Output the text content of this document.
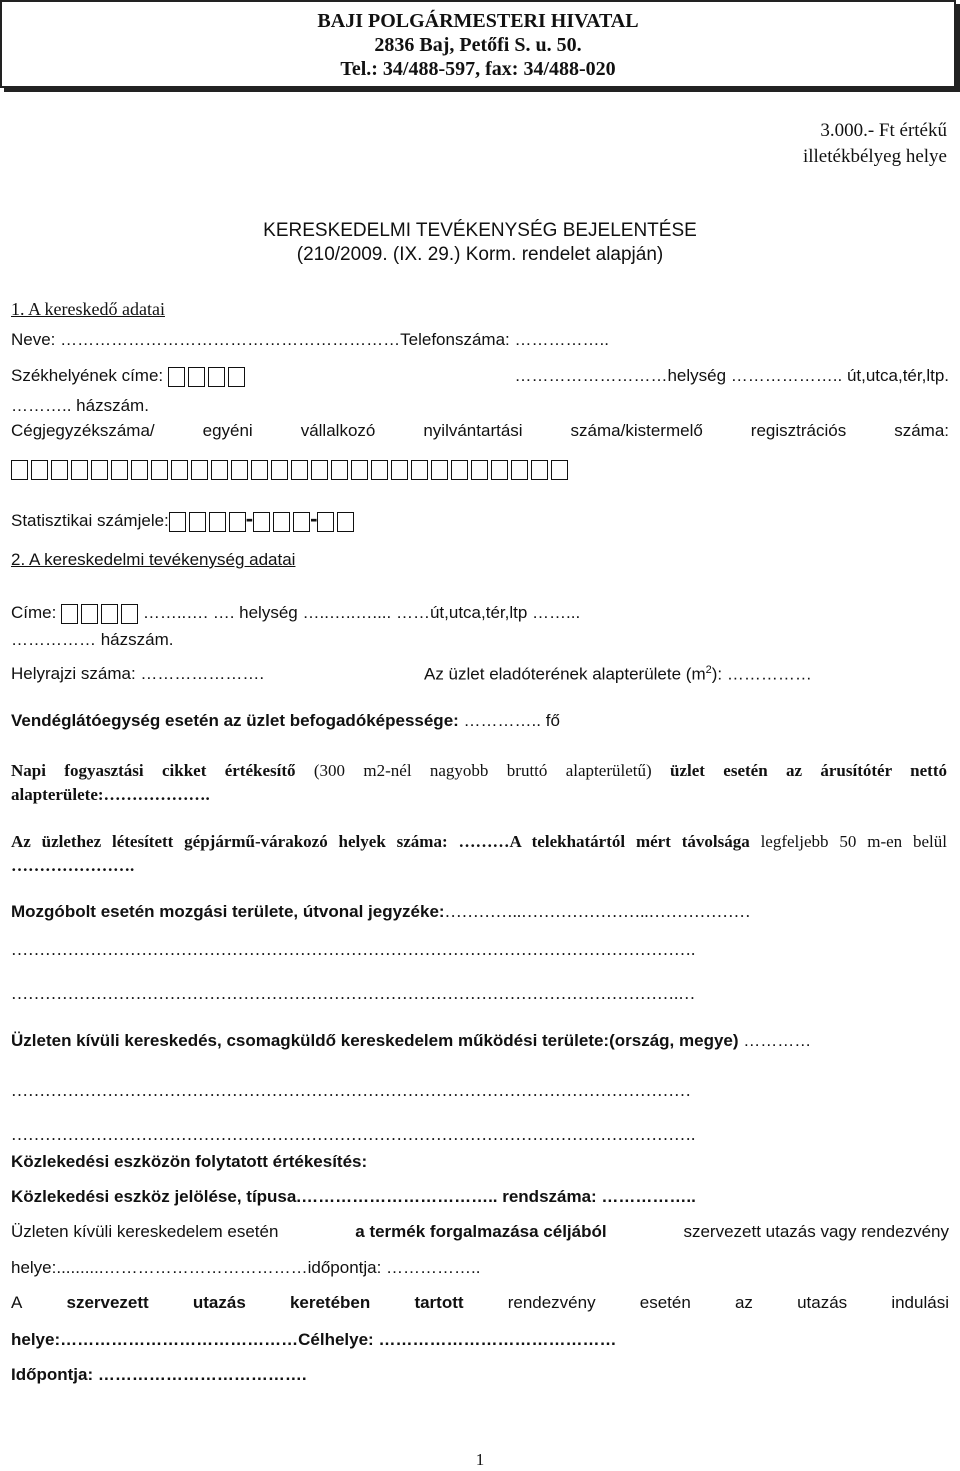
BAJI POLGÁRMESTERI HIVATAL
2836 Baj, Petőfi S. u. 50.
Tel.: 34/488-597, fax: 34/488-020
3.000.- Ft értékű
illetékbélyeg helye
KERESKEDELMI TEVÉKENYSÉG BEJELENTÉSE
(210/2009. (IX. 29.) Korm. rendelet alapján)
1. A kereskedő adatai
Neve: ……………………………………………………Telefonszáma: ……………..
Székhelyének címe:	………………………helység ……………….. út,utca,tér,ltp.
……….. házszám.
Cégjegyzékszáma/	egyéni	vállalkozó	nyilvántartási	száma/kistermelő	regisztrációs	száma:
Statisztikai számjele:	-	-
2. A kereskedelmi tevékenység adatai
Címe:	……..…. …. helység …..…..….... ……út,utca,tér,ltp ……...
…………… házszám.
Helyrajzi száma: ………………….	Az üzlet eladóterének alapterülete $(m^2)$: ……………
Vendéglátóegység esetén az üzlet befogadóképessége: ………….. fő
Napi fogyasztási cikket értékesítő (300 m2-nél nagyobb bruttó alapterületű) üzlet esetén az árusítótér nettó alapterülete:……………….
Az üzlethez létesített gépjármű-várakozó helyek száma: ………A telekhatártól mért távolsága legfeljebb 50 m-en belül ………………….
Mozgóbolt esetén mozgási területe, útvonal jegyzéke:…………..…………………..………………
………………………………………………………………………………………………………….
……………………………………………………………………………………………………….…
Üzleten kívüli kereskedés, csomagküldő kereskedelem működési területe:(ország, megye) …………
…………………………………………………………………………………………………………
………………………………………………………………………………………………………….
Közlekedési eszközön folytatott értékesítés:
Közlekedési eszköz jelölése, típusa.…………………………….. rendszáma: ……………..
Üzleten kívüli kereskedelem esetén	a termék forgalmazása céljából	szervezett utazás vagy rendezvény
helye:..........………………………………időpontja: ……………..
A	szervezett	utazás	keretében	tartott	rendezvény	esetén	az	utazás	indulási
helye:……………………………………Célhelye: ……………………………………
Időpontja: ……………………………….
1
